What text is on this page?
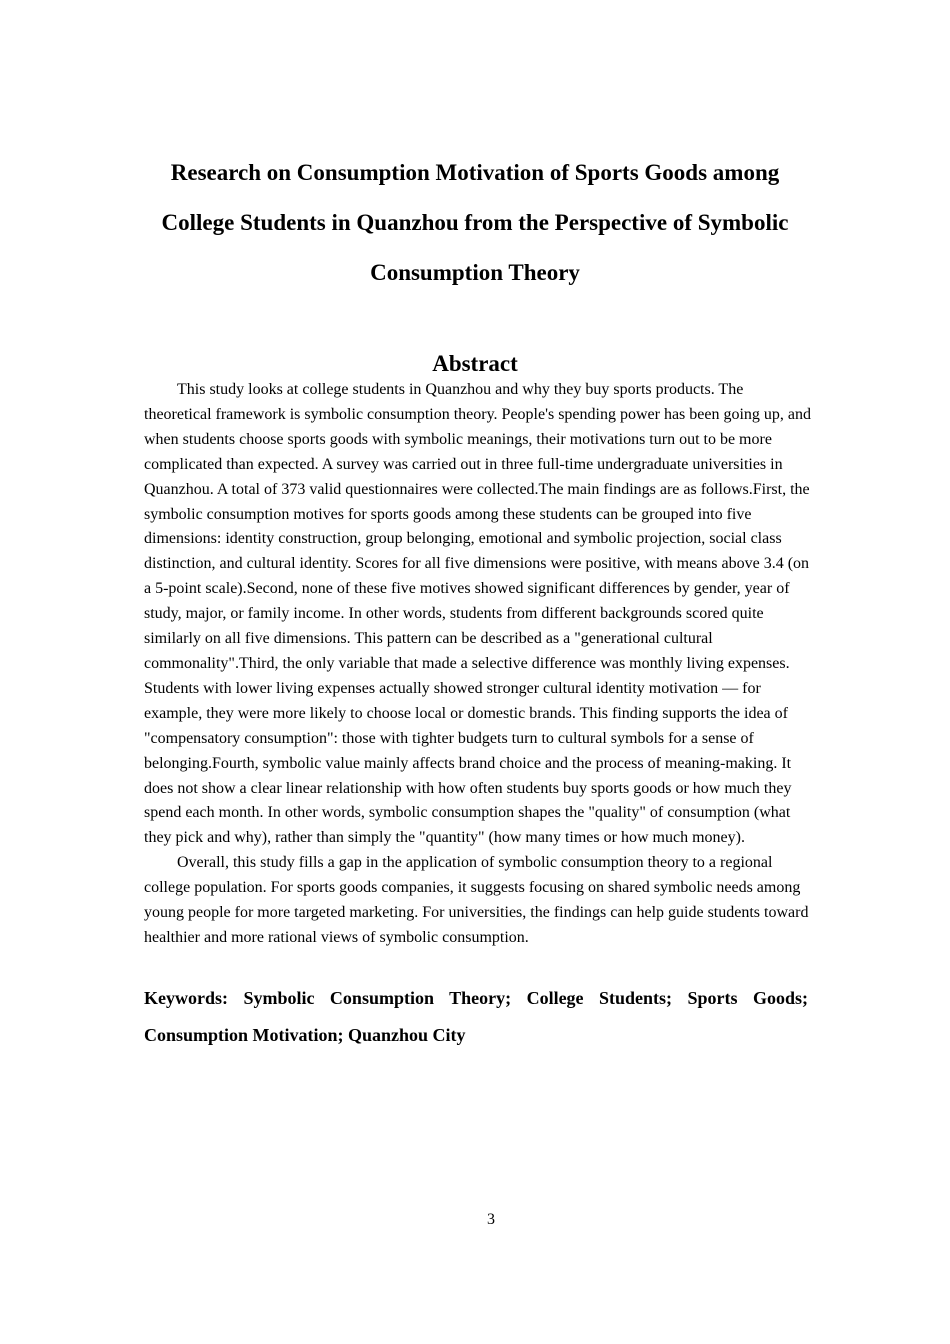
Research on Consumption Motivation of Sports Goods among
College Students in Quanzhou from the Perspective of Symbolic
Consumption Theory
Abstract

This study looks at college students in Quanzhou and why they buy sports products. The theoretical framework is symbolic consumption theory. People's spending power has been going up, and when students choose sports goods with symbolic meanings, their motivations turn out to be more complicated than expected. A survey was carried out in three full-time undergraduate universities in Quanzhou. A total of 373 valid questionnaires were collected.The main findings are as follows.First, the symbolic consumption motives for sports goods among these students can be grouped into five dimensions: identity construction, group belonging, emotional and symbolic projection, social class distinction, and cultural identity. Scores for all five dimensions were positive, with means above 3.4 (on a 5-point scale).Second, none of these five motives showed significant differences by gender, year of study, major, or family income. In other words, students from different backgrounds scored quite similarly on all five dimensions. This pattern can be described as a "generational cultural commonality".Third, the only variable that made a selective difference was monthly living expenses. Students with lower living expenses actually showed stronger cultural identity motivation — for example, they were more likely to choose local or domestic brands. This finding supports the idea of "compensatory consumption": those with tighter budgets turn to cultural symbols for a sense of belonging.Fourth, symbolic value mainly affects brand choice and the process of meaning-making. It does not show a clear linear relationship with how often students buy sports goods or how much they spend each month. In other words, symbolic consumption shapes the "quality" of consumption (what they pick and why), rather than simply the "quantity" (how many times or how much money).

Overall, this study fills a gap in the application of symbolic consumption theory to a regional college population. For sports goods companies, it suggests focusing on shared symbolic needs among young people for more targeted marketing. For universities, the findings can help guide students toward healthier and more rational views of symbolic consumption.

Keywords: Symbolic Consumption Theory; College Students; Sports Goods; Consumption Motivation; Quanzhou City

3
